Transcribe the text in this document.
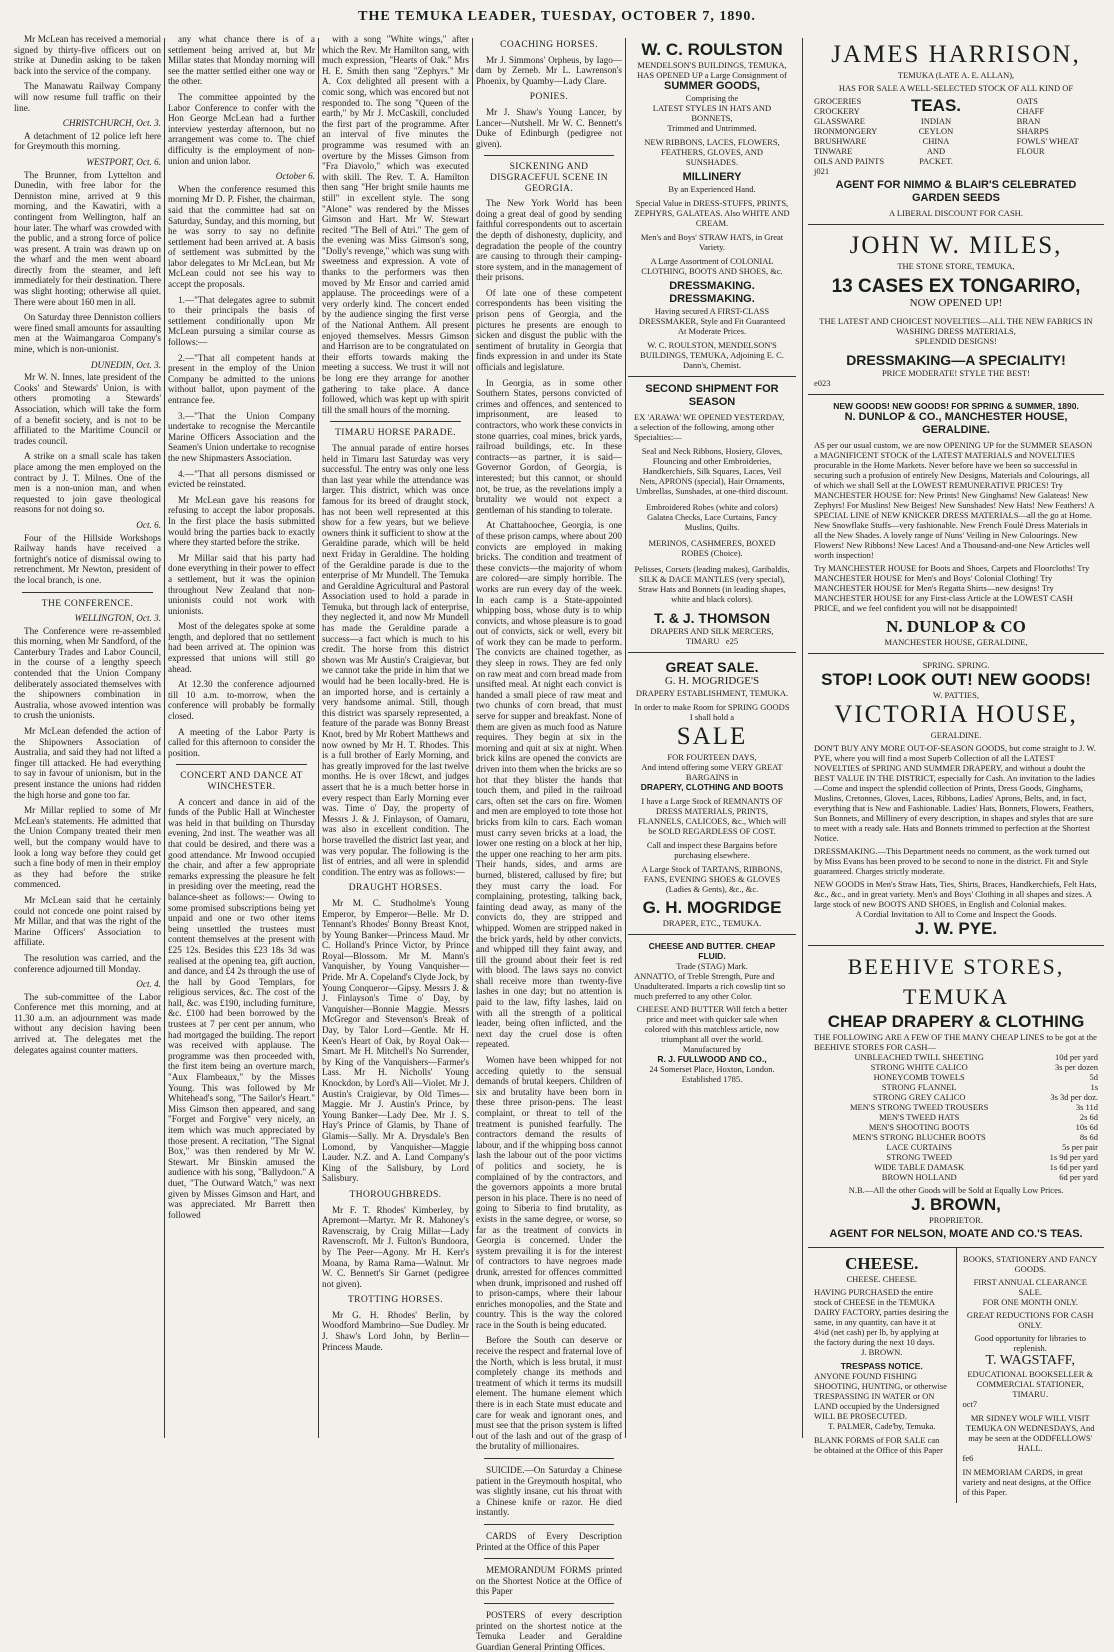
THE TEMUKA LEADER, TUESDAY, OCTOBER 7, 1890.

Mr McLean has received a memorial signed by thirty-five officers out on strike at Dunedin asking to be taken back into the service of the company.

The Manawatu Railway Company will now resume full traffic on their line.

CHRISTCHURCH, Oct. 3.

A detachment of 12 police left here for Greymouth this morning.

WESTPORT, Oct. 6.

The Brunner, from Lyttelton and Dunedin, with free labor for the Denniston mine, arrived at 9 this morning, and the Kawatiri, with a contingent from Wellington, half an hour later. The wharf was crowded with the public, and a strong force of police was present. A train was drawn up on the wharf and the men went aboard directly from the steamer, and left immediately for their destination. There was slight hooting; otherwise all quiet. There were about 160 men in all.

On Saturday three Denniston colliers were fined small amounts for assaulting men at the Waimangaroa Company's mine, which is non-unionist.

DUNEDIN, Oct. 3.

Mr W. N. Innes, late president of the Cooks' and Stewards' Union, is with others promoting a Stewards' Association, which will take the form of a benefit society, and is not to be affiliated to the Maritime Council or trades council.

A strike on a small scale has taken place among the men employed on the contract by J. T. Milnes. One of the men is a non-union man, and when requested to join gave theological reasons for not doing so.

Oct. 6.

Four of the Hillside Workshops Railway hands have received a fortnight's notice of dismissal owing to retrenchment. Mr Newton, president of the local branch, is one.

THE CONFERENCE.
WELLINGTON, Oct. 3.

The Conference were re-assembled this morning, when Mr Sandford, of the Canterbury Trades and Labor Council, in the course of a lengthy speech contended that the Union Company deliberately associated themselves with the shipowners combination in Australia, whose avowed intention was to crush the unionists.

Mr McLean defended the action of the Shipowners Association of Australia, and said they had not lifted a finger till attacked. He had everything to say in favour of unionism, but in the present instance the unions had ridden the high horse and gone too far.

Mr Millar replied to some of Mr McLean's statements. He admitted that the Union Company treated their men well, but the company would have to look a long way before they could get such a fine body of men in their employ as they had before the strike commenced.

Mr McLean said that he certainly could not concede one point raised by Mr Millar, and that was the right of the Marine Officers' Association to affiliate.

The resolution was carried, and the conference adjourned till Monday.

Oct. 4.

The sub-committee of the Labor Conference met this morning, and at 11.30 a.m. an adjournment was made without any decision having been arrived at. The delegates met the delegates against counter matters.

any what chance there is of a settlement being arrived at, but Mr Millar states that Monday morning will see the matter settled either one way or the other.

The committee appointed by the Labor Conference to confer with the Hon George McLean had a further interview yesterday afternoon, but no arrangement was come to. The chief difficulty is the employment of non-union and union labor.

October 6.

When the conference resumed this morning Mr D. P. Fisher, the chairman, said that the committee had sat on Saturday, Sunday, and this morning, but he was sorry to say no definite settlement had been arrived at. A basis of settlement was submitted by the labor delegates to Mr McLean, but Mr McLean could not see his way to accept the proposals.

1.—"That delegates agree to submit to their principals the basis of settlement conditionally upon Mr McLean pursuing a similar course as follows:—

2.—"That all competent hands at present in the employ of the Union Company be admitted to the unions without ballot, upon payment of the entrance fee.

3.—"That the Union Company undertake to recognise the Mercantile Marine Officers Association and the Seamen's Union undertake to recognise the new Shipmasters Association.

4.—"That all persons dismissed or evicted be reinstated.

Mr McLean gave his reasons for refusing to accept the labor proposals. In the first place the basis submitted would bring the parties back to exactly where they started before the strike.

Mr Millar said that his party had done everything in their power to effect a settlement, but it was the opinion throughout New Zealand that non-unionists could not work with unionists.

Most of the delegates spoke at some length, and deplored that no settlement had been arrived at. The opinion was expressed that unions will still go ahead.

At 12.30 the conference adjourned till 10 a.m. to-morrow, when the conference will probably be formally closed.

A meeting of the Labor Party is called for this afternoon to consider the position.

CONCERT AND DANCE AT WINCHESTER.

A concert and dance in aid of the funds of the Public Hall at Winchester was held in that building on Thursday evening, 2nd inst. The weather was all that could be desired, and there was a good attendance. Mr Inwood occupied the chair, and after a few appropriate remarks expressing the pleasure he felt in presiding over the meeting, read the balance-sheet as follows:— Owing to some promised subscriptions being yet unpaid and one or two other items being unsettled the trustees must content themselves at the present with £25 12s. Besides this £23 18s 3d was realised at the opening tea, gift auction, and dance, and £4 2s through the use of the hall by Good Templars, for religious services, &c. The cost of the hall, &c. was £190, including furniture, &c. £100 had been borrowed by the trustees at 7 per cent per annum, who had mortgaged the building. The report was received with applause. The programme was then proceeded with, the first item being an overture march, "Aux Flambeaux," by the Misses Young. This was followed by Mr Whitehead's song, "The Sailor's Heart." Miss Gimson then appeared, and sang "Forget and Forgive" very nicely, an item which was much appreciated by those present. A recitation, "The Signal Box," was then rendered by Mr W. Stewart. Mr Binskin amused the audience with his song, "Ballydoon." A duet, "The Outward Watch," was next given by Misses Gimson and Hart, and was appreciated. Mr Barrett then followed

with a song "White wings," after which the Rev. Mr Hamilton sang, with much expression, "Hearts of Oak." Mrs H. E. Smith then sang "Zephyrs." Mr A. Cox delighted all present with a comic song, which was encored but not responded to. The song "Queen of the earth," by Mr J. McCaskill, concluded the first part of the programme. After an interval of five minutes the programme was resumed with an overture by the Misses Gimson from "Fra Diavolo," which was executed with skill. The Rev. T. A. Hamilton then sang "Her bright smile haunts me still" in excellent style. The song "Alone" was rendered by the Misses Gimson and Hart. Mr W. Stewart recited "The Bell of Atri." The gem of the evening was Miss Gimson's song, "Dolly's revenge," which was sung with sweetness and expression. A vote of thanks to the performers was then moved by Mr Ensor and carried amid applause. The proceedings were of a very orderly kind. The concert ended by the audience singing the first verse of the National Anthem. All present enjoyed themselves. Messrs Gimson and Harrison are to be congratulated on their efforts towards making the meeting a success. We trust it will not be long ere they arrange for another gathering to take place. A dance followed, which was kept up with spirit till the small hours of the morning.

TIMARU HORSE PARADE.

The annual parade of entire horses held in Timaru last Saturday was very successful. The entry was only one less than last year while the attendance was larger. This district, which was once famous for its breed of draught stock, has not been well represented at this show for a few years, but we believe owners think it sufficient to show at the Geraldine parade, which will be held next Friday in Geraldine. The holding of the Geraldine parade is due to the enterprise of Mr Mundell. The Temuka and Geraldine Agricultural and Pastoral Association used to hold a parade in Temuka, but through lack of enterprise, they neglected it, and now Mr Mundell has made the Geraldine parade a success—a fact which is much to his credit. The horse from this district shown was Mr Austin's Craigievar, but we cannot take the pride in him that we would had he been locally-bred. He is an imported horse, and is certainly a very handsome animal. Still, though this district was sparsely represented, a feature of the parade was Bonny Breast Knot, bred by Mr Robert Matthews and now owned by Mr H. T. Rhodes. This is a full brother of Early Morning, and has greatly improved for the last twelve months. He is over 18cwt, and judges assert that he is a much better horse in every respect than Early Morning ever was. Time o' Day, the property of Messrs J. & J. Finlayson, of Oamaru, was also in excellent condition. The horse travelled the district last year, and was very popular. The following is the list of entries, and all were in splendid condition. The entry was as follows:—

DRAUGHT HORSES.

Mr M. C. Studholme's Young Emperor, by Emperor—Belle. Mr D. Tennant's Rhodes' Bonny Breast Knot, by Young Banker—Princess Maud. Mr C. Holland's Prince Victor, by Prince Royal—Blossom. Mr M. Mann's Vanquisher, by Young Vanquisher—Pride. Mr A. Copeland's Clyde Jock, by Young Conqueror—Gipsy. Messrs J. & J. Finlayson's Time o' Day, by Vanquisher—Bonnie Maggie. Messrs McGregor and Stevenson's Break of Day, by Talor Lord—Gentle. Mr H. Keen's Heart of Oak, by Royal Oak—Smart. Mr H. Mitchell's No Surrender, by King of the Vanquishers—Farmer's Lass. Mr H. Nicholls' Young Knockdon, by Lord's All—Violet. Mr J. Austin's Craigievar, by Old Times—Maggie. Mr J. Austin's Prince, by Young Banker—Lady Dee. Mr J. S. Hay's Prince of Glamis, by Thane of Glamis—Sally. Mr A. Drysdale's Ben Lomond, by Vanquisher—Maggie Lauder. N.Z. and A. Land Company's King of the Sallsbury, by Lord Salisbury.

THOROUGHBREDS.

Mr F. T. Rhodes' Kimberley, by Apremont—Martyr. Mr R. Mahoney's Ravenscraig, by Craig Millar—Lady Ravenscroft. Mr J. Fulton's Bundoora, by The Peer—Agony. Mr H. Kerr's Moana, by Rama Rama—Walnut. Mr W. C. Bennett's Sir Garnet (pedigree not given).

TROTTING HORSES.

Mr G. H. Rhodes' Berlin, by Woodford Mambrino—Sue Dudley. Mr J. Shaw's Lord John, by Berlin—Princess Maude.

COACHING HORSES.

Mr J. Simmons' Orpheus, by Iago—dam by Zerneb. Mr L. Lawrenson's Phoenix, by Quamby—Lady Clare.

PONIES.

Mr J. Shaw's Young Lancer, by Lancer—Nutshell. Mr W. C. Bennett's Duke of Edinburgh (pedigree not given).

SICKENING AND DISGRACEFUL SCENE IN GEORGIA.

The New York World has been doing a great deal of good by sending faithful correspondents out to ascertain the depth of dishonesty, duplicity, and degradation the people of the country are causing to through their camping-store system, and in the management of their prisons.

Of late one of these competent correspondents has been visiting the prison pens of Georgia, and the pictures he presents are enough to sicken and disgust the public with the sentiment of brutality in Georgia that finds expression in and under its State officials and legislature.

In Georgia, as in some other Southern States, persons convicted of crimes and offences, and sentenced to imprisonment, are leased to contractors, who work these convicts in stone quarries, coal mines, brick yards, railroad buildings, etc. In these contracts—as partner, it is said—Governor Gordon, of Georgia, is interested; but this cannot, or should not, be true, as the revelations imply a brutality we would not expect a gentleman of his standing to tolerate.

At Chattahoochee, Georgia, is one of these prison camps, where about 200 convicts are employed in making bricks. The condition and treatment of these convicts—the majority of whom are colored—are simply horrible. The works are run every day of the week. In each camp is a State-appointed whipping boss, whose duty is to whip convicts, and whose pleasure is to goad out of convicts, sick or well, every bit of work they can be made to perform. The convicts are chained together, as they sleep in rows. They are fed only on raw meat and corn bread made from unsifted meal. At night each convict is handed a small piece of raw meat and two chunks of corn bread, that must serve for supper and breakfast. None of them are given as much food as Nature requires. They begin at six in the morning and quit at six at night. When brick kilns are opened the convicts are driven into them when the bricks are so hot that they blister the hands that touch them, and piled in the railroad cars, often set the cars on fire. Women and men are employed to tote those hot bricks from kiln to cars. Each woman must carry seven bricks at a load, the lower one resting on a block at her hip, the upper one reaching to her arm pits. Their hands, sides, and arms are burned, blistered, callused by fire; but they must carry the load. For complaining, protesting, talking back, fainting dead away, as many of the convicts do, they are stripped and whipped. Women are stripped naked in the brick yards, held by other convicts, and whipped till they faint away, and till the ground about their feet is red with blood. The laws says no convict shall receive more than twenty-five lashes in one day; but no attention is paid to the law, fifty lashes, laid on with all the strength of a political leader, being often inflicted, and the next day the cruel dose is often repeated.

Women have been whipped for not acceding quietly to the sensual demands of brutal keepers. Children of six and brutality have been born in these three prison-pens. The least complaint, or threat to tell of the treatment is punished fearfully. The contractors demand the results of labour, and if the whipping boss cannot lash the labour out of the poor victims of politics and society, he is complained of by the contractors, and the governors appoints a more brutal person in his place. There is no need of going to Siberia to find brutality, as exists in the same degree, or worse, so far as the treatment of convicts in Georgia is concerned. Under the system prevailing it is for the interest of contractors to have negroes made drunk, arrested for offences committed when drunk, imprisoned and rushed off to prison-camps, where their labour enriches monopolies, and the State and country. This is the way the colored race in the South is being educated.

Before the South can deserve or receive the respect and fraternal love of the North, which is less brutal, it must completely change its methods and treatment of which it terms its mudsill element. The humane element which there is in each State must educate and care for weak and ignorant ones, and must see that the prison system is lifted out of the lash and out of the grasp of the brutality of millionaires.

SUICIDE.—On Saturday a Chinese patient in the Greymouth hospital, who was slightly insane, cut his throat with a Chinese knife or razor. He died instantly.

CARDS of Every Description Printed at the Office of this Paper

MEMORANDUM FORMS printed on the Shortest Notice at the Office of this Paper

POSTERS of every description printed on the shortest notice at the Temuka Leader and Geraldine Guardian General Printing Offices.

W. C. ROULSTON
MENDELSON'S BUILDINGS, TEMUKA,
HAS OPENED UP a Large Consignment of
SUMMER GOODS,
Comprising the
LATEST STYLES IN HATS AND BONNETS,
Trimmed and Untrimmed.
NEW RIBBONS, LACES, FLOWERS, FEATHERS, GLOVES, AND SUNSHADES.
MILLINERY
By an Experienced Hand.
Special Value in DRESS-STUFFS, PRINTS, ZEPHYRS, GALATEAS. Also WHITE AND CREAM.
Men's and Boys' STRAW HATS, in Great Variety.
A Large Assortment of COLONIAL CLOTHING, BOOTS AND SHOES, &c.
DRESSMAKING. DRESSMAKING.
Having secured A FIRST-CLASS DRESSMAKER, Style and Fit Guaranteed At Moderate Prices.
W. C. ROULSTON, MENDELSON'S BUILDINGS, TEMUKA, Adjoining E. C. Dann's, Chemist.
SECOND SHIPMENT FOR SEASON
EX 'ARAWA' WE OPENED YESTERDAY, a selection of the following, among other Specialties:—
Seal and Neck Ribbons, Hosiery, Gloves, Flouncing and other Embroideries, Handkerchiefs, Silk Squares, Laces, Veil Nets, APRONS (special), Hair Ornaments, Umbrellas, Sunshades, at one-third discount.
Embroidered Robes (white and colors) Galatea Checks, Lace Curtains, Fancy Muslins, Quilts.
MERINOS, CASHMERES, BOXED ROBES (Choice).
Pelisses, Corsets (leading makes), Garibaldis, SILK & DACE MANTLES (very special), Straw Hats and Bonnets (in leading shapes, white and black colors).
T. & J. THOMSON
DRAPERS AND SILK MERCERS,
TIMARU e25
GREAT SALE.
G. H. MOGRIDGE'S
DRAPERY ESTABLISHMENT, TEMUKA.
In order to make Room for SPRING GOODS I shall hold a
SALE
FOR FOURTEEN DAYS,
And intend offering some VERY GREAT BARGAINS in
DRAPERY, CLOTHING AND BOOTS
I have a Large Stock of REMNANTS OF DRESS MATERIALS, PRINTS, FLANNELS, CALICOES, &c., Which will be SOLD REGARDLESS OF COST.
Call and inspect these Bargains before purchasing elsewhere.
A Large Stock of TARTANS, RIBBONS, FANS, EVENING SHOES & GLOVES (Ladies & Gents), &c., &c.
G. H. MOGRIDGE
DRAPER, ETC., TEMUKA.
CHEESE AND BUTTER. CHEAP FLUID.
Trade (STAG) Mark.
ANNATTO, of Treble Strength, Pure and Unadulterated. Imparts a rich cowslip tint so much preferred to any other Color.
CHEESE AND BUTTER Will fetch a better price and meet with quicker sale when colored with this matchless article, now triumphant all over the world.
Manufactured by
R. J. FULLWOOD AND CO.,
24 Somerset Place, Hoxton, London. Established 1785.
JAMES HARRISON,
TEMUKA (LATE A. E. ALLAN),
HAS FOR SALE A WELL-SELECTED STOCK OF ALL KIND OF
GROCERIES
CROCKERY
GLASSWARE
IRONMONGERY
BRUSHWARE
TINWARE
OILS AND PAINTS
TEAS.
INDIAN
CEYLON
CHINA
AND
PACKET.
OATS
CHAFF
BRAN
SHARPS
FOWLS' WHEAT
FLOUR
j021
AGENT FOR NIMMO & BLAIR'S CELEBRATED GARDEN SEEDS
A LIBERAL DISCOUNT FOR CASH.
JOHN W. MILES,
THE STONE STORE, TEMUKA,
13 CASES EX TONGARIRO,
NOW OPENED UP!
THE LATEST AND CHOICEST NOVELTIES—ALL THE NEW FABRICS IN WASHING DRESS MATERIALS,
SPLENDID DESIGNS!
DRESSMAKING—A SPECIALITY!
PRICE MODERATE! STYLE THE BEST!
e023
NEW GOODS! NEW GOODS! FOR SPRING & SUMMER, 1890.
N. DUNLOP & CO., MANCHESTER HOUSE, GERALDINE.
AS per our usual custom, we are now OPENING UP for the SUMMER SEASON a MAGNIFICENT STOCK of the LATEST MATERIALS and NOVELTIES procurable in the Home Markets. Never before have we been so successful in securing such a profusion of entirely New Designs, Materials and Colourings, all of which we shall Sell at the LOWEST REMUNERATIVE PRICES! Try MANCHESTER HOUSE for: New Prints! New Ginghams! New Galateas! New Zephyrs! For Muslins! New Beiges! New Sunshades! New Hats! New Feathers! A SPECIAL LINE of NEW KNICKER DRESS MATERIALS—all the go at Home. New Snowflake Stuffs—very fashionable. New French Foulé Dress Materials in all the New Shades. A lovely range of Nuns' Veiling in New Colourings. New Flowers! New Ribbons! New Laces! And a Thousand-and-one New Articles well worth inspection!
Try MANCHESTER HOUSE for Boots and Shoes, Carpets and Floorcloths! Try MANCHESTER HOUSE for Men's and Boys' Colonial Clothing! Try MANCHESTER HOUSE for Men's Regatta Shirts—new designs! Try MANCHESTER HOUSE for any First-class Article at the LOWEST CASH PRICE, and we feel confident you will not be disappointed!
N. DUNLOP & CO
MANCHESTER HOUSE, GERALDINE,
SPRING. SPRING.
STOP! LOOK OUT! NEW GOODS!
W. PATTIES,
VICTORIA HOUSE,
GERALDINE.
DON'T BUY ANY MORE OUT-OF-SEASON GOODS, but come straight to J. W. PYE, where you will find a most Superb Collection of all the LATEST NOVELTIES of SPRING AND SUMMER DRAPERY, and without a doubt the BEST VALUE IN THE DISTRICT, especially for Cash. An invitation to the ladies—Come and inspect the splendid collection of Prints, Dress Goods, Ginghams, Muslins, Cretonnes, Gloves, Laces, Ribbons, Ladies' Aprons, Belts, and, in fact, everything that is New and Fashionable. Ladies' Hats, Bonnets, Flowers, Feathers, Sun Bonnets, and Millinery of every description, in shapes and styles that are sure to meet with a ready sale. Hats and Bonnets trimmed to perfection at the Shortest Notice.
DRESSMAKING.—This Department needs no comment, as the work turned out by Miss Evans has been proved to be second to none in the district. Fit and Style guaranteed. Charges strictly moderate.
NEW GOODS in Men's Straw Hats, Ties, Shirts, Braces, Handkerchiefs, Felt Hats, &c., &c., and in great variety. Men's and Boys' Clothing in all shapes and sizes. A large stock of new BOOTS AND SHOES, in English and Colonial makes.
A Cordial Invitation to All to Come and Inspect the Goods.
J. W. PYE.
BEEHIVE STORES, TEMUKA
CHEAP DRAPERY & CLOTHING
THE FOLLOWING ARE A FEW OF THE MANY CHEAP LINES to be got at the BEEHIVE STORES FOR CASH—
UNBLEACHED TWILL SHEETING	10d per yard
STRONG WHITE CALICO	3s per dozen
HONEYCOMB TOWELS	5d
STRONG FLANNEL	1s
STRONG GREY CALICO	3s 3d per doz.
MEN'S STRONG TWEED TROUSERS	3s 11d
MEN'S TWEED HATS	2s 6d
MEN'S SHOOTING BOOTS	10s 6d
MEN'S STRONG BLUCHER BOOTS	8s 6d
LACE CURTAINS	5s per pair
STRONG TWEED	1s 9d per yard
WIDE TABLE DAMASK	1s 6d per yard
BROWN HOLLAND	6d per yard
N.B.—All the other Goods will be Sold at Equally Low Prices.
J. BROWN,
PROPRIETOR.
AGENT FOR NELSON, MOATE AND CO.'S TEAS.
CHEESE.
CHEESE. CHEESE.
HAVING PURCHASED the entire stock of CHEESE in the TEMUKA DAIRY FACTORY, parties desiring the same, in any quantity, can have it at 4½d (net cash) per lb, by applying at the factory during the next 10 days.
J. BROWN.
TRESPASS NOTICE.
ANYONE FOUND FISHING SHOOTING, HUNTING, or otherwise TRESPASSING IN WATER or ON LAND occupied by the Undersigned WILL BE PROSECUTED.
T. PALMER, Cade'by, Temuka.
BLANK FORMS of FOR SALE can be obtained at the Office of this Paper
BOOKS, STATIONERY AND FANCY GOODS.
FIRST ANNUAL CLEARANCE SALE.
FOR ONE MONTH ONLY.
GREAT REDUCTIONS FOR CASH ONLY.
Good opportunity for libraries to replenish.
T. WAGSTAFF,
EDUCATIONAL BOOKSELLER & COMMERCIAL STATIONER, TIMARU.
oct7
MR SIDNEY WOLF WILL VISIT TEMUKA ON WEDNESDAYS, And may be seen at the ODDFELLOWS' HALL.
fe6
IN MEMORIAM CARDS, in great variety and neat designs, at the Office of this Paper.
